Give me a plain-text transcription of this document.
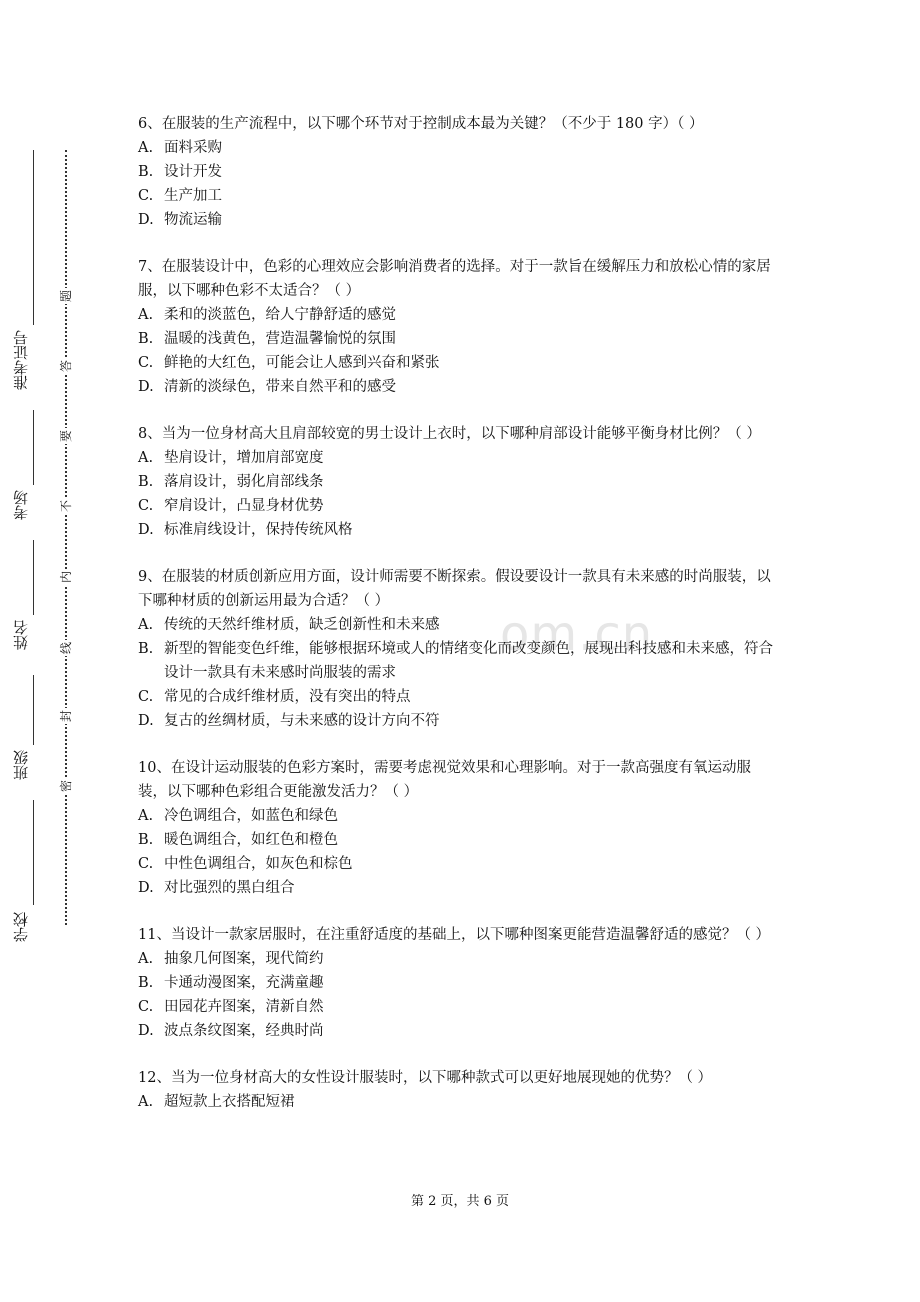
准考证号
考场
姓名
班级
学校
密
封
线
内
不
要
答
题
om.cn
6、在服装的生产流程中，以下哪个环节对于控制成本最为关键？（不少于 180 字）（ ）
A. 面料采购
B. 设计开发
C. 生产加工
D. 物流运输
7、在服装设计中，色彩的心理效应会影响消费者的选择。对于一款旨在缓解压力和放松心情的家居服，以下哪种色彩不太适合？（ ）
A. 柔和的淡蓝色，给人宁静舒适的感觉
B. 温暖的浅黄色，营造温馨愉悦的氛围
C. 鲜艳的大红色，可能会让人感到兴奋和紧张
D. 清新的淡绿色，带来自然平和的感受
8、当为一位身材高大且肩部较宽的男士设计上衣时，以下哪种肩部设计能够平衡身材比例？（ ）
A. 垫肩设计，增加肩部宽度
B. 落肩设计，弱化肩部线条
C. 窄肩设计，凸显身材优势
D. 标准肩线设计，保持传统风格
9、在服装的材质创新应用方面，设计师需要不断探索。假设要设计一款具有未来感的时尚服装，以下哪种材质的创新运用最为合适？（ ）
A. 传统的天然纤维材质，缺乏创新性和未来感
B. 新型的智能变色纤维，能够根据环境或人的情绪变化而改变颜色，展现出科技感和未来感，符合设计一款具有未来感时尚服装的需求
C. 常见的合成纤维材质，没有突出的特点
D. 复古的丝绸材质，与未来感的设计方向不符
10、在设计运动服装的色彩方案时，需要考虑视觉效果和心理影响。对于一款高强度有氧运动服装，以下哪种色彩组合更能激发活力？（ ）
A. 冷色调组合，如蓝色和绿色
B. 暖色调组合，如红色和橙色
C. 中性色调组合，如灰色和棕色
D. 对比强烈的黑白组合
11、当设计一款家居服时，在注重舒适度的基础上，以下哪种图案更能营造温馨舒适的感觉？（ ）
A. 抽象几何图案，现代简约
B. 卡通动漫图案，充满童趣
C. 田园花卉图案，清新自然
D. 波点条纹图案，经典时尚
12、当为一位身材高大的女性设计服装时，以下哪种款式可以更好地展现她的优势？（ ）
A. 超短款上衣搭配短裙
第 2 页，共 6 页
